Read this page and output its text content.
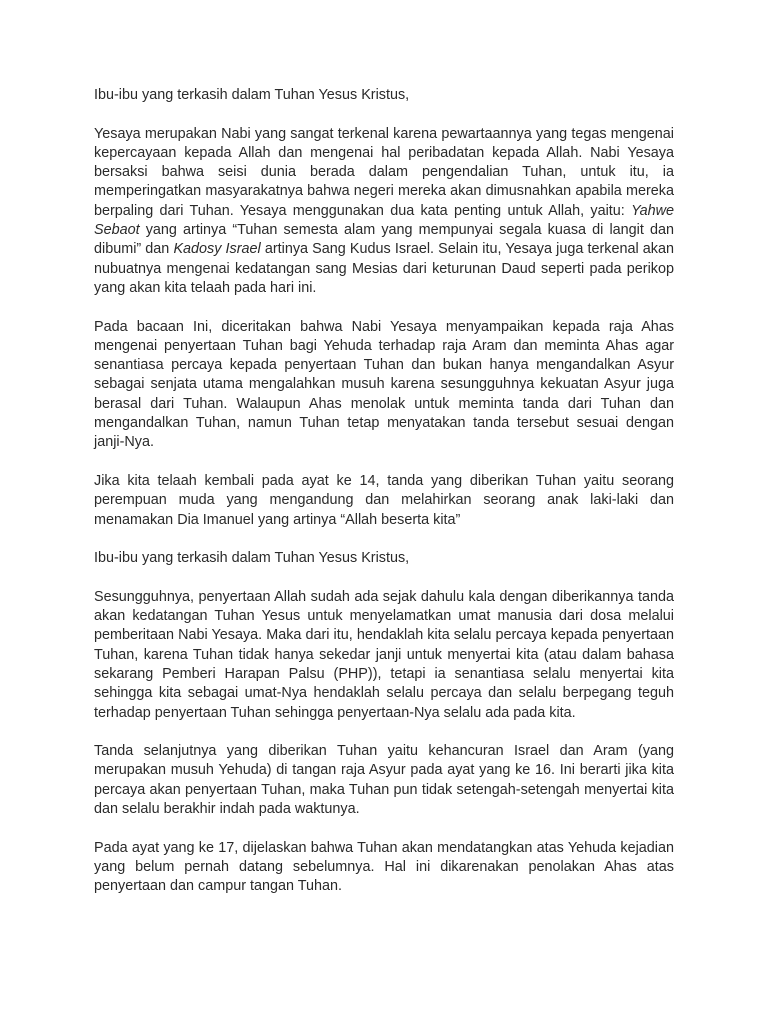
Ibu-ibu yang terkasih dalam Tuhan Yesus Kristus,

Yesaya merupakan Nabi yang sangat terkenal karena pewartaannya yang tegas mengenai kepercayaan kepada Allah dan mengenai hal peribadatan kepada Allah. Nabi Yesaya bersaksi bahwa seisi dunia berada dalam pengendalian Tuhan, untuk itu, ia memperingatkan masyarakatnya bahwa negeri mereka akan dimusnahkan apabila mereka berpaling dari Tuhan. Yesaya menggunakan dua kata penting untuk Allah, yaitu: Yahwe Sebaot yang artinya “Tuhan semesta alam yang mempunyai segala kuasa di langit dan dibumi” dan Kadosy Israel artinya Sang Kudus Israel. Selain itu, Yesaya juga terkenal akan nubuatnya mengenai kedatangan sang Mesias dari keturunan Daud seperti pada perikop yang akan kita telaah pada hari ini.

Pada bacaan Ini, diceritakan bahwa Nabi Yesaya menyampaikan kepada raja Ahas mengenai penyertaan Tuhan bagi Yehuda terhadap raja Aram dan meminta Ahas agar senantiasa percaya kepada penyertaan Tuhan dan bukan hanya mengandalkan Asyur sebagai senjata utama mengalahkan musuh karena sesungguhnya kekuatan Asyur juga berasal dari Tuhan. Walaupun Ahas menolak untuk meminta tanda dari Tuhan dan mengandalkan Tuhan, namun Tuhan tetap menyatakan tanda tersebut sesuai dengan janji-Nya.

Jika kita telaah kembali pada ayat ke 14, tanda yang diberikan Tuhan yaitu seorang perempuan muda yang mengandung dan melahirkan seorang anak laki-laki dan menamakan Dia Imanuel yang artinya “Allah beserta kita”

Ibu-ibu yang terkasih dalam Tuhan Yesus Kristus,

Sesungguhnya, penyertaan Allah sudah ada sejak dahulu kala dengan diberikannya tanda akan kedatangan Tuhan Yesus untuk menyelamatkan umat manusia dari dosa melalui pemberitaan Nabi Yesaya. Maka dari itu, hendaklah kita selalu percaya kepada penyertaan Tuhan, karena Tuhan tidak hanya sekedar janji untuk menyertai kita (atau dalam bahasa sekarang Pemberi Harapan Palsu (PHP)), tetapi ia senantiasa selalu menyertai kita sehingga kita sebagai umat-Nya hendaklah selalu percaya dan selalu berpegang teguh terhadap penyertaan Tuhan sehingga penyertaan-Nya selalu ada pada kita.

Tanda selanjutnya yang diberikan Tuhan yaitu kehancuran Israel dan Aram (yang merupakan musuh Yehuda) di tangan raja Asyur pada ayat yang ke 16. Ini berarti jika kita percaya akan penyertaan Tuhan, maka Tuhan pun tidak setengah-setengah menyertai kita dan selalu berakhir indah pada waktunya.

Pada ayat yang ke 17, dijelaskan bahwa Tuhan akan mendatangkan atas Yehuda kejadian yang belum pernah datang sebelumnya. Hal ini dikarenakan penolakan Ahas atas penyertaan dan campur tangan Tuhan.
